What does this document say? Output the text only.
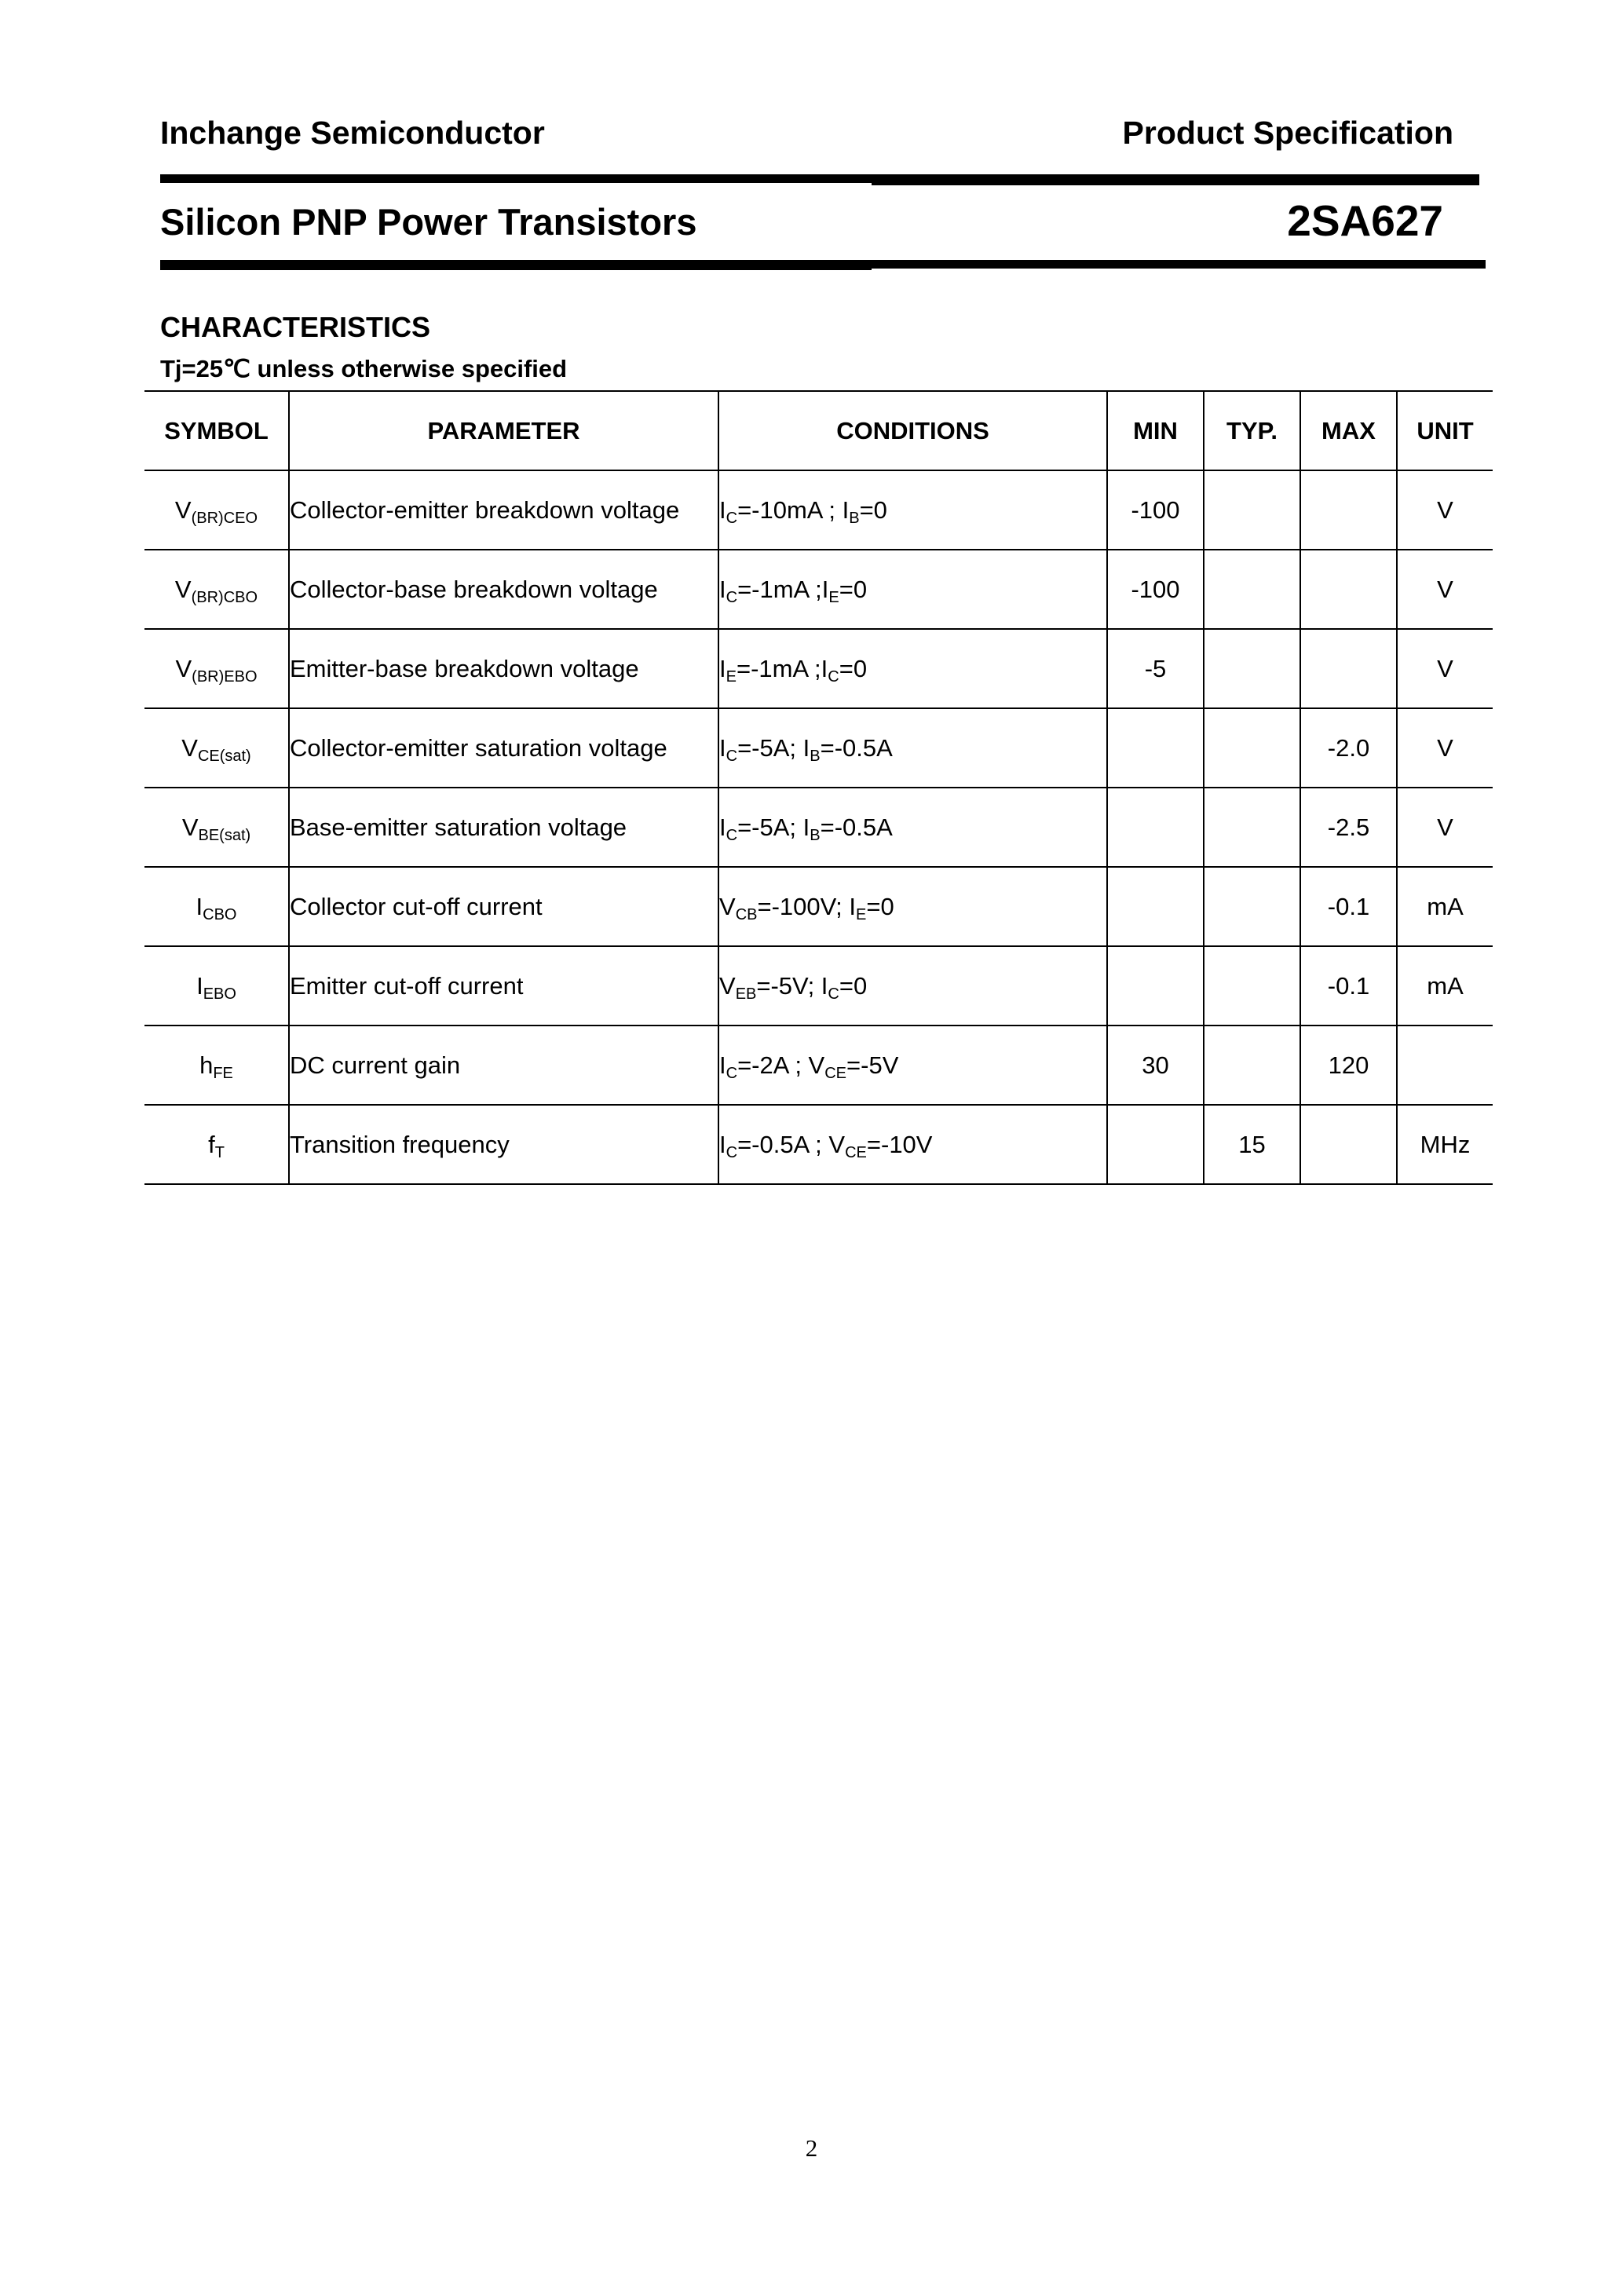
Inchange Semiconductor	Product Specification
Silicon PNP Power Transistors	2SA627
CHARACTERISTICS
Tj=25℃ unless otherwise specified
SYMBOL	PARAMETER	CONDITIONS	MIN	TYP.	MAX	UNIT
$V_{(BR)CEO}$	Collector-emitter breakdown voltage	$I_C=-10mA$ ; $I_B=0$	-100			V
$V_{(BR)CBO}$	Collector-base breakdown voltage	$I_C=-1mA$ $;I_E=0$	-100			V
$V_{(BR)EBO}$	Emitter-base breakdown voltage	$I_E=-1mA$ $;I_C=0$	-5			V
$V_{CE(sat)}$	Collector-emitter saturation voltage	$I_C=-5A$; $I_B=-0.5A$			-2.0	V
$V_{BE(sat)}$	Base-emitter saturation voltage	$I_C=-5A$; $I_B=-0.5A$			-2.5	V
$I_{CBO}$	Collector cut-off current	$V_{CB}=-100V$; $I_E=0$			-0.1	mA
$I_{EBO}$	Emitter cut-off current	$V_{EB}=-5V$; $I_C=0$			-0.1	mA
$h_{FE}$	DC current gain	$I_C=-2A$ ; $V_{CE}=-5V$	30		120	
$f_T$	Transition frequency	$I_C=-0.5A$ ; $V_{CE}=-10V$		15		MHz
2
